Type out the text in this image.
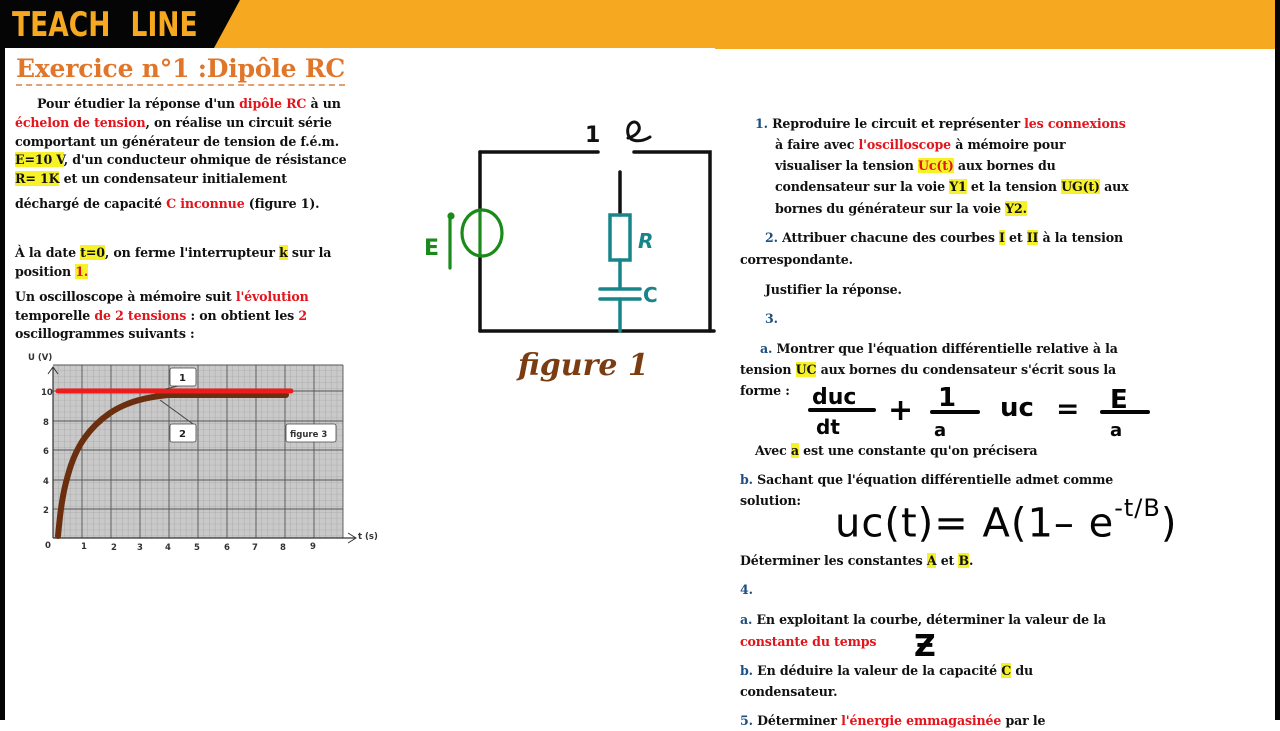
TEACH LINE
Exercice n°1 :Dipôle RC
Pour étudier la réponse d'un dipôle RC à un
échelon de tension, on réalise un circuit série
comportant un générateur de tension de f.é.m.
E=10 V, d'un conducteur ohmique de résistance
R= 1K et un condensateur initialement
déchargé de capacité C inconnue (figure 1).
À la date t=0, on ferme l'interrupteur k sur la
position 1.
Un oscilloscope à mémoire suit l'évolution
temporelle de 2 tensions : on obtient les 2
oscillogrammes suivants :
U (V)
t (s)
10
8
6
4
2
0	1	2 3	4	5	6	7	8	9
1
2	figure 3
E	R
C
1
figure 1
1. Reproduire le circuit et représenter les connexions
à faire avec l'oscilloscope à mémoire pour
visualiser la tension Uc(t) aux bornes du
condensateur sur la voie Y1 et la tension UG(t) aux
bornes du générateur sur la voie Y2.
2. Attribuer chacune des courbes I et II à la tension
correspondante.
Justifier la réponse.
3.
a. Montrer que l'équation différentielle relative à la
tension UC aux bornes du condensateur s'écrit sous la
forme : duc
dt + 1
a
uc = E
a
Avec a est une constante qu'on précisera
b. Sachant que l'équation différentielle admet comme
solution: uc(t)= A(1– $e^{-t/B}$)
Déterminer les constantes A et B.
4.
a. En exploitant la courbe, déterminer la valeur de la
constante du temps Ƶ
b. En déduire la valeur de la capacité C du
condensateur.
5. Déterminer l'énergie emmagasinée par le
